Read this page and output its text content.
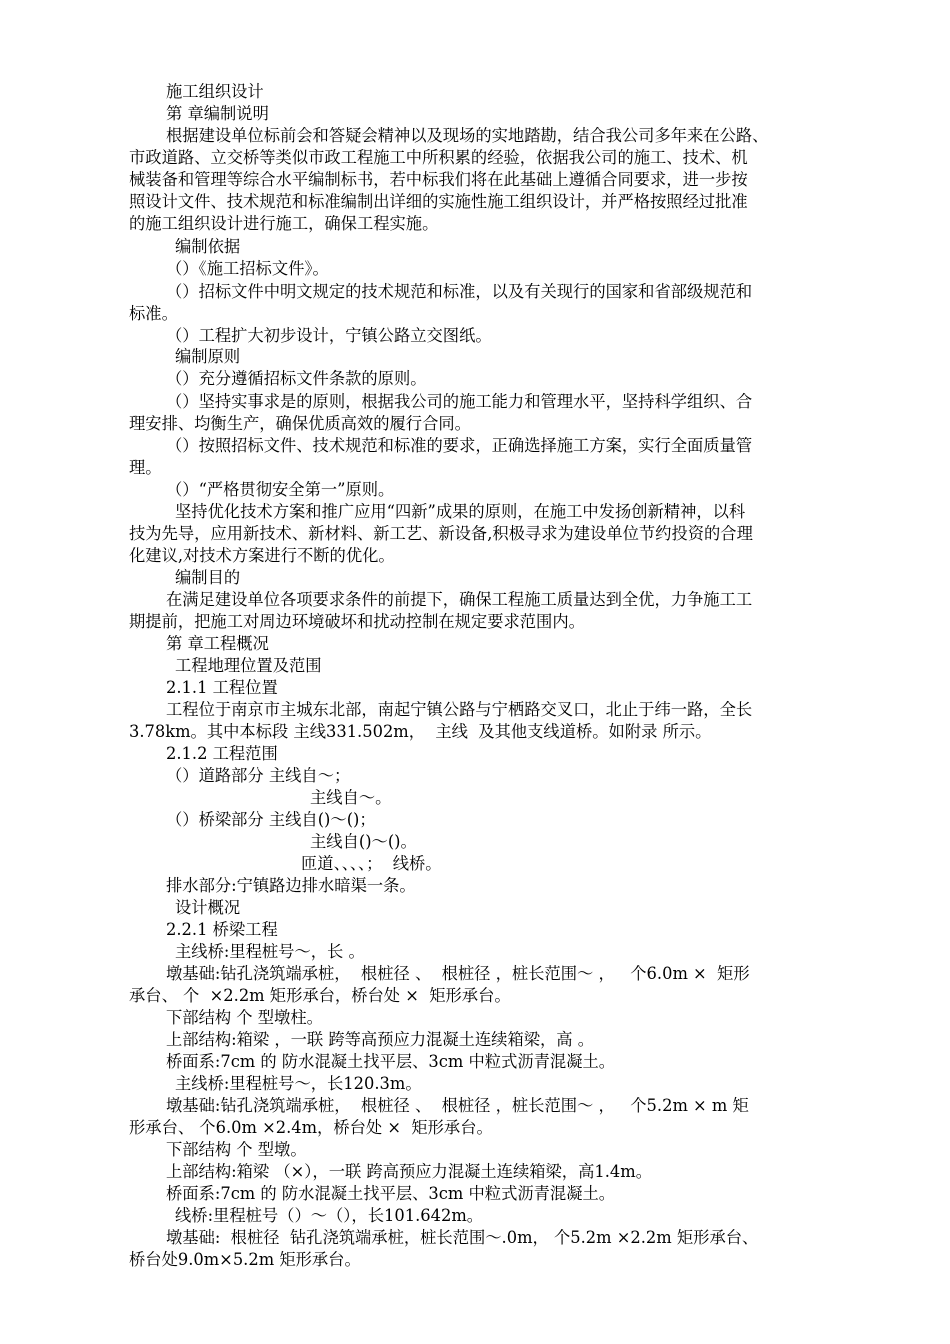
施工组织设计
第 章编制说明
根据建设单位标前会和答疑会精神以及现场的实地踏勘，结合我公司多年来在公路、
市政道路、立交桥等类似市政工程施工中所积累的经验，依据我公司的施工、技术、机
械装备和管理等综合水平编制标书，若中标我们将在此基础上遵循合同要求，进一步按
照设计文件、技术规范和标准编制出详细的实施性施工组织设计，并严格按照经过批准
的施工组织设计进行施工，确保工程实施。
编制依据
（）《施工招标文件》。
（）招标文件中明文规定的技术规范和标准，以及有关现行的国家和省部级规范和
标准。
（）工程扩大初步设计，宁镇公路立交图纸。
编制原则
（）充分遵循招标文件条款的原则。
（）坚持实事求是的原则，根据我公司的施工能力和管理水平，坚持科学组织、合
理安排、均衡生产，确保优质高效的履行合同。
（）按照招标文件、技术规范和标准的要求，正确选择施工方案，实行全面质量管
理。
（）“严格贯彻安全第一”原则。
坚持优化技术方案和推广应用“四新”成果的原则，在施工中发扬创新精神，以科
技为先导，应用新技术、新材料、新工艺、新设备,积极寻求为建设单位节约投资的合理
化建议,对技术方案进行不断的优化。
编制目的
在满足建设单位各项要求条件的前提下，确保工程施工质量达到全优，力争施工工
期提前，把施工对周边环境破坏和扰动控制在规定要求范围内。
第 章工程概况
工程地理位置及范围
2.1.1 工程位置
工程位于南京市主城东北部，南起宁镇公路与宁栖路交叉口，北止于纬一路，全长
3.78km。其中本标段 主线331.502m，  主线  及其他支线道桥。如附录 所示。
2.1.2 工程范围
（）道路部分 主线自～；
主线自～。
（）桥梁部分 主线自()～()；
主线自()～()。
匝道、、、、；  线桥。
排水部分:宁镇路边排水暗渠一条。
设计概况
2.2.1 桥梁工程
主线桥:里程桩号～，长 。
墩基础:钻孔浇筑端承桩，  根桩径 、  根桩径 ，桩长范围～ ，   个6.0m ×  矩形
承台、 个  ×2.2m 矩形承台，桥台处 ×  矩形承台。
下部结构 个 型墩柱。
上部结构:箱梁 ，一联 跨等高预应力混凝土连续箱梁，高 。
桥面系:7cm 的 防水混凝土找平层、3cm 中粒式沥青混凝土。
主线桥:里程桩号～，长120.3m。
墩基础:钻孔浇筑端承桩，  根桩径 、  根桩径 ，桩长范围～ ，   个5.2m × m 矩
形承台、 个6.0m ×2.4m，桥台处 ×  矩形承台。
下部结构 个 型墩。
上部结构:箱梁 （×），一联 跨高预应力混凝土连续箱梁，高1.4m。
桥面系:7cm 的 防水混凝土找平层、3cm 中粒式沥青混凝土。
线桥:里程桩号（）～（），长101.642m。
墩基础:  根桩径  钻孔浇筑端承桩，桩长范围～.0m， 个5.2m ×2.2m 矩形承台、
桥台处9.0m×5.2m 矩形承台。
